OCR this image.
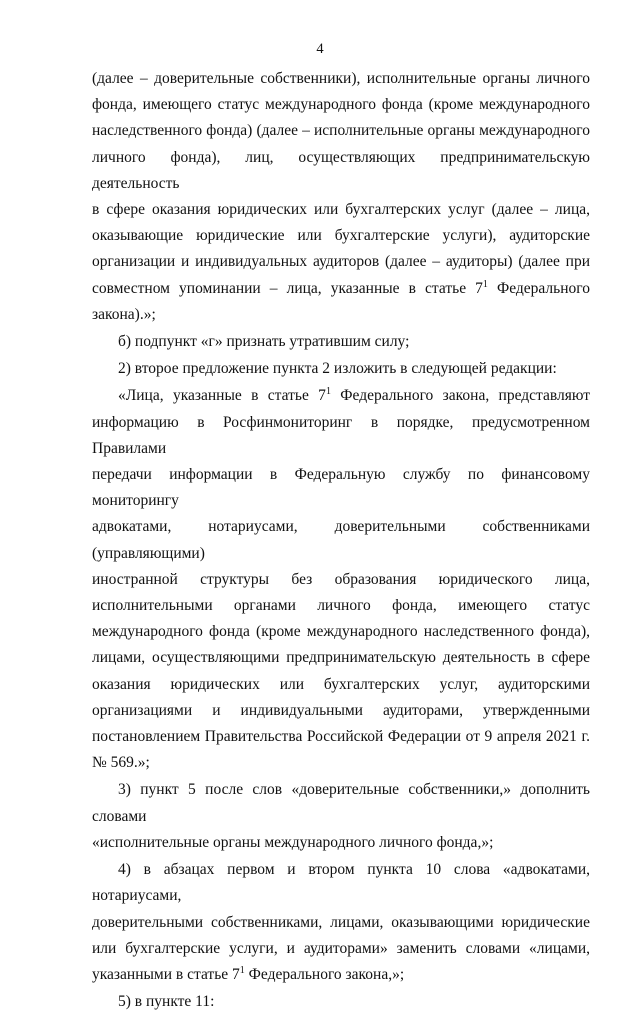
4
(далее – доверительные собственники), исполнительные органы личного
фонда, имеющего статус международного фонда (кроме международного
наследственного фонда) (далее – исполнительные органы международного
личного фонда), лиц, осуществляющих предпринимательскую деятельность
в сфере оказания юридических или бухгалтерских услуг (далее – лица,
оказывающие юридические или бухгалтерские услуги), аудиторские
организации и индивидуальных аудиторов (далее – аудиторы) (далее при
совместном упоминании – лица, указанные в статье $7^1$ Федерального закона).»;

б) подпункт «г» признать утратившим силу;

2) второе предложение пункта 2 изложить в следующей редакции:

«Лица, указанные в статье $7^1$ Федерального закона, представляют
информацию в Росфинмониторинг в порядке, предусмотренном Правилами
передачи информации в Федеральную службу по финансовому мониторингу
адвокатами, нотариусами, доверительными собственниками (управляющими)
иностранной структуры без образования юридического лица,
исполнительными органами личного фонда, имеющего статус
международного фонда (кроме международного наследственного фонда),
лицами, осуществляющими предпринимательскую деятельность в сфере
оказания юридических или бухгалтерских услуг, аудиторскими
организациями и индивидуальными аудиторами, утвержденными
постановлением Правительства Российской Федерации от 9 апреля 2021 г.
№ 569.»;
3) пункт 5 после слов «доверительные собственники,» дополнить словами
«исполнительные органы международного личного фонда,»;
4) в абзацах первом и втором пункта 10 слова «адвокатами, нотариусами,
доверительными собственниками, лицами, оказывающими юридические
или бухгалтерские услуги, и аудиторами» заменить словами «лицами,
указанными в статье $7^1$ Федерального закона,»;

5) в пункте 11:
